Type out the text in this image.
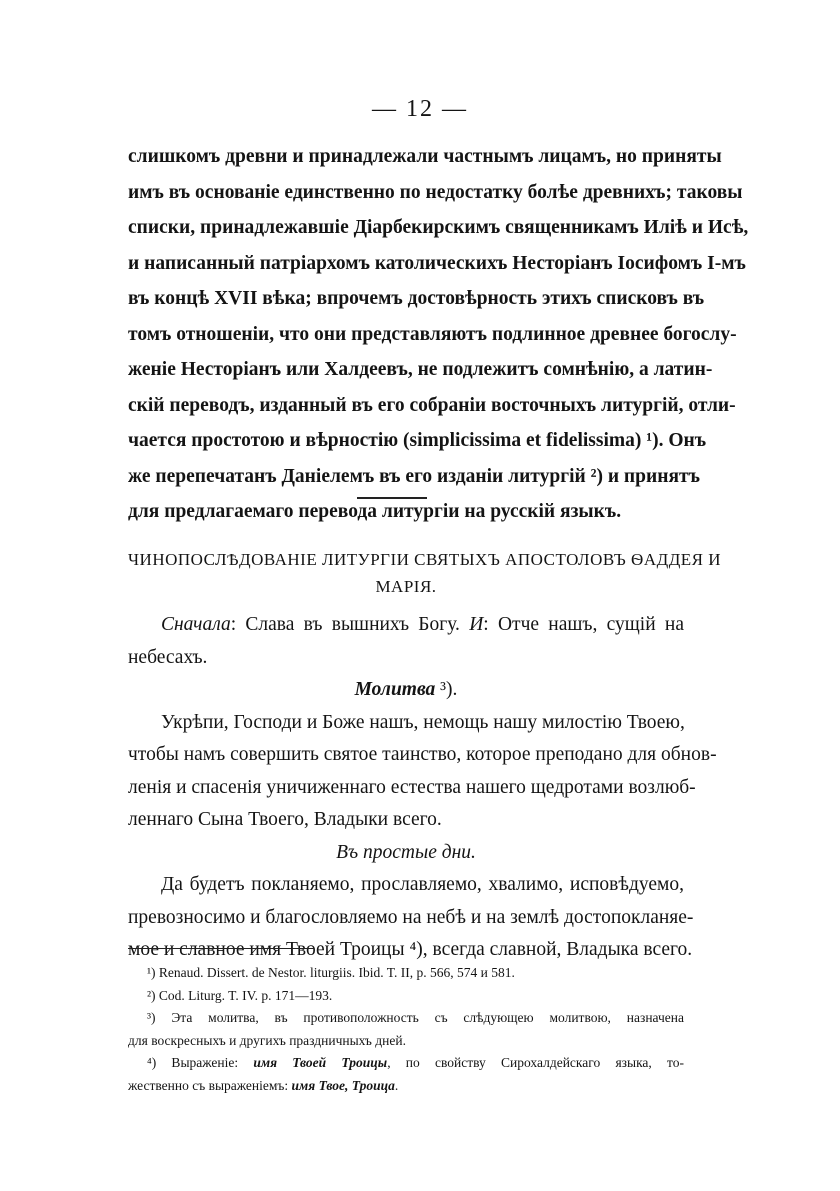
— 12 —
слишкомъ древни и принадлежали частнымъ лицамъ, но приняты
имъ въ основаніе единственно по недостатку болѣе древнихъ; таковы
списки, принадлежавшіе Діарбекирскимъ священникамъ Иліѣ и Исѣ,
и написанный патріархомъ католическихъ Несторіанъ Іосифомъ I-мъ
въ концѣ XVII вѣка; впрочемъ достовѣрность этихъ списковъ въ
томъ отношеніи, что они представляютъ подлинное древнее богослу-
женіе Несторіанъ или Халдеевъ, не подлежитъ сомнѣнію, а латин-
скій переводъ, изданный въ его собраніи восточныхъ литургій, отли-
чается простотою и вѣрностію (simplicissima et fidelissima) ¹). Онъ
же перепечатанъ Даніелемъ въ его изданіи литургій ²) и принятъ
для предлагаемаго перевода литургіи на русскій языкъ.
ЧИНОПОСЛѢДОВАНІЕ ЛИТУРГІИ СВЯТЫХЪ АПОСТОЛОВЪ ѲАДДЕЯ И
МАРІЯ.
Сначала: Слава въ вышнихъ Богу. И: Отче нашъ, сущій на
небесахъ.
Молитва ³).
Укрѣпи, Господи и Боже нашъ, немощь нашу милостію Твоею,
чтобы намъ совершить святое таинство, которое преподано для обнов-
ленія и спасенія уничиженнаго естества нашего щедротами возлюб-
леннаго Сына Твоего, Владыки всего.
Въ простые дни.
Да будетъ покланяемо, прославляемо, хвалимо, исповѣдуемо,
превозносимо и благословляемо на небѣ и на землѣ достопокланяе-
мое и славное имя Твоей Троицы ⁴), всегда славной, Владыка всего.
¹) Renaud. Dissert. de Nestor. liturgiis. Ibid. T. II, p. 566, 574 и 581.
²) Cod. Liturg. T. IV. p. 171—193.
³) Эта молитва, въ противоположность съ слѣдующею молитвою, назначена
для воскресныхъ и другихъ праздничныхъ дней.
⁴) Выраженіе: имя Твоей Троицы, по свойству Сирохалдейскаго языка, то-
жественно съ выраженіемъ: имя Твое, Троица.
